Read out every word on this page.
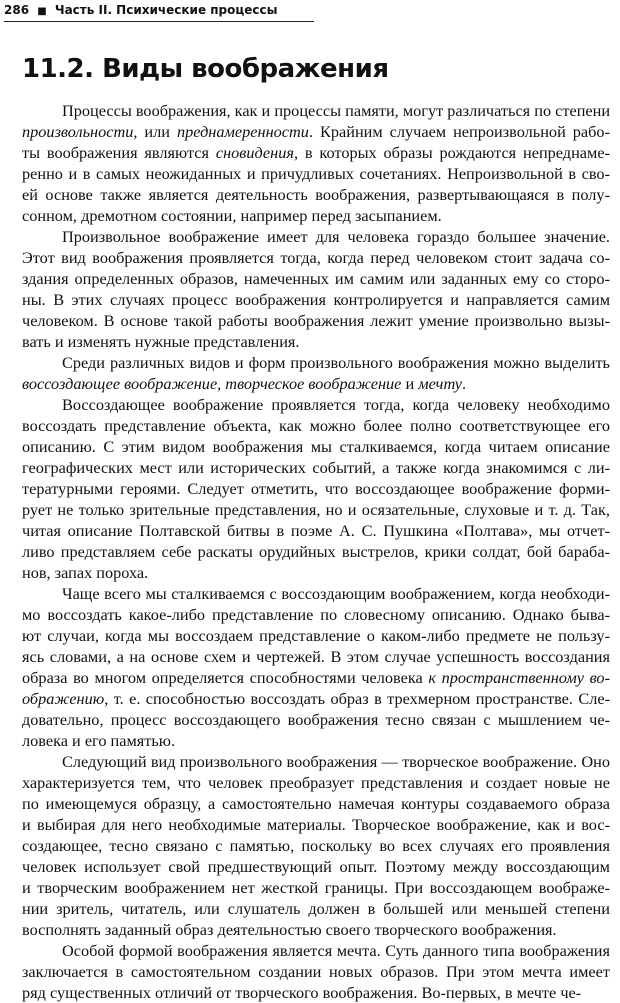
286 ■ Часть II. Психические процессы
11.2. Виды воображения
Процессы воображения, как и процессы памяти, могут различаться по степени
произвольности, или преднамеренности. Крайним случаем непроизвольной рабо-
ты воображения являются сновидения, в которых образы рождаются непреднаме-
ренно и в самых неожиданных и причудливых сочетаниях. Непроизвольной в сво-
ей основе также является деятельность воображения, развертывающаяся в полу-
сонном, дремотном состоянии, например перед засыпанием.
Произвольное воображение имеет для человека гораздо большее значение.
Этот вид воображения проявляется тогда, когда перед человеком стоит задача со-
здания определенных образов, намеченных им самим или заданных ему со сторо-
ны. В этих случаях процесс воображения контролируется и направляется самим
человеком. В основе такой работы воображения лежит умение произвольно вызы-
вать и изменять нужные представления.
Среди различных видов и форм произвольного воображения можно выделить
воссоздающее воображение, творческое воображение и мечту.
Воссоздающее воображение проявляется тогда, когда человеку необходимо
воссоздать представление объекта, как можно более полно соответствующее его
описанию. С этим видом воображения мы сталкиваемся, когда читаем описание
географических мест или исторических событий, а также когда знакомимся с ли-
тературными героями. Следует отметить, что воссоздающее воображение форми-
рует не только зрительные представления, но и осязательные, слуховые и т. д. Так,
читая описание Полтавской битвы в поэме А. С. Пушкина «Полтава», мы отчет-
ливо представляем себе раскаты орудийных выстрелов, крики солдат, бой бараба-
нов, запах пороха.
Чаще всего мы сталкиваемся с воссоздающим воображением, когда необходи-
мо воссоздать какое-либо представление по словесному описанию. Однако быва-
ют случаи, когда мы воссоздаем представление о каком-либо предмете не пользу-
ясь словами, а на основе схем и чертежей. В этом случае успешность воссоздания
образа во многом определяется способностями человека к пространственному во-
ображению, т. е. способностью воссоздать образ в трехмерном пространстве. Сле-
довательно, процесс воссоздающего воображения тесно связан с мышлением че-
ловека и его памятью.
Следующий вид произвольного воображения — творческое воображение. Оно
характеризуется тем, что человек преобразует представления и создает новые не
по имеющемуся образцу, а самостоятельно намечая контуры создаваемого образа
и выбирая для него необходимые материалы. Творческое воображение, как и вос-
создающее, тесно связано с памятью, поскольку во всех случаях его проявления
человек использует свой предшествующий опыт. Поэтому между воссоздающим
и творческим воображением нет жесткой границы. При воссоздающем воображе-
нии зритель, читатель, или слушатель должен в большей или меньшей степени
восполнять заданный образ деятельностью своего творческого воображения.
Особой формой воображения является мечта. Суть данного типа воображения
заключается в самостоятельном создании новых образов. При этом мечта имеет
ряд существенных отличий от творческого воображения. Во-первых, в мечте че-
